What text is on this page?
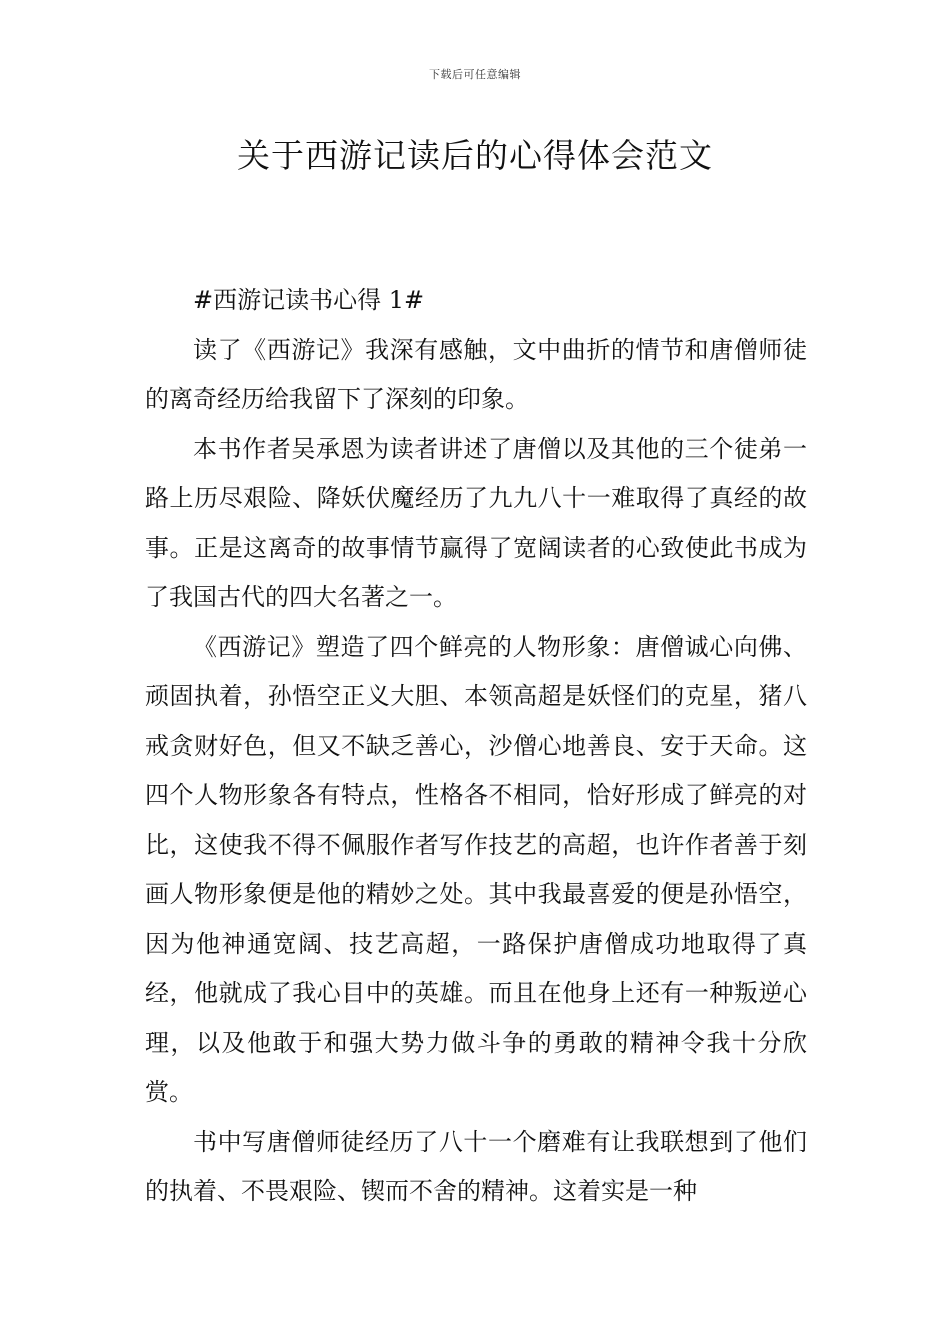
下载后可任意编辑
关于西游记读后的心得体会范文

#西游记读书心得 1#

读了《西游记》我深有感触，文中曲折的情节和唐僧师徒的离奇经历给我留下了深刻的印象。

本书作者吴承恩为读者讲述了唐僧以及其他的三个徒弟一路上历尽艰险、降妖伏魔经历了九九八十一难取得了真经的故事。正是这离奇的故事情节赢得了宽阔读者的心致使此书成为了我国古代的四大名著之一。

《西游记》塑造了四个鲜亮的人物形象：唐僧诚心向佛、顽固执着，孙悟空正义大胆、本领高超是妖怪们的克星，猪八戒贪财好色，但又不缺乏善心，沙僧心地善良、安于天命。这四个人物形象各有特点，性格各不相同，恰好形成了鲜亮的对比，这使我不得不佩服作者写作技艺的高超，也许作者善于刻画人物形象便是他的精妙之处。其中我最喜爱的便是孙悟空，因为他神通宽阔、技艺高超，一路保护唐僧成功地取得了真经，他就成了我心目中的英雄。而且在他身上还有一种叛逆心理，以及他敢于和强大势力做斗争的勇敢的精神令我十分欣赏。

书中写唐僧师徒经历了八十一个磨难有让我联想到了他们的执着、不畏艰险、锲而不舍的精神。这着实是一种
